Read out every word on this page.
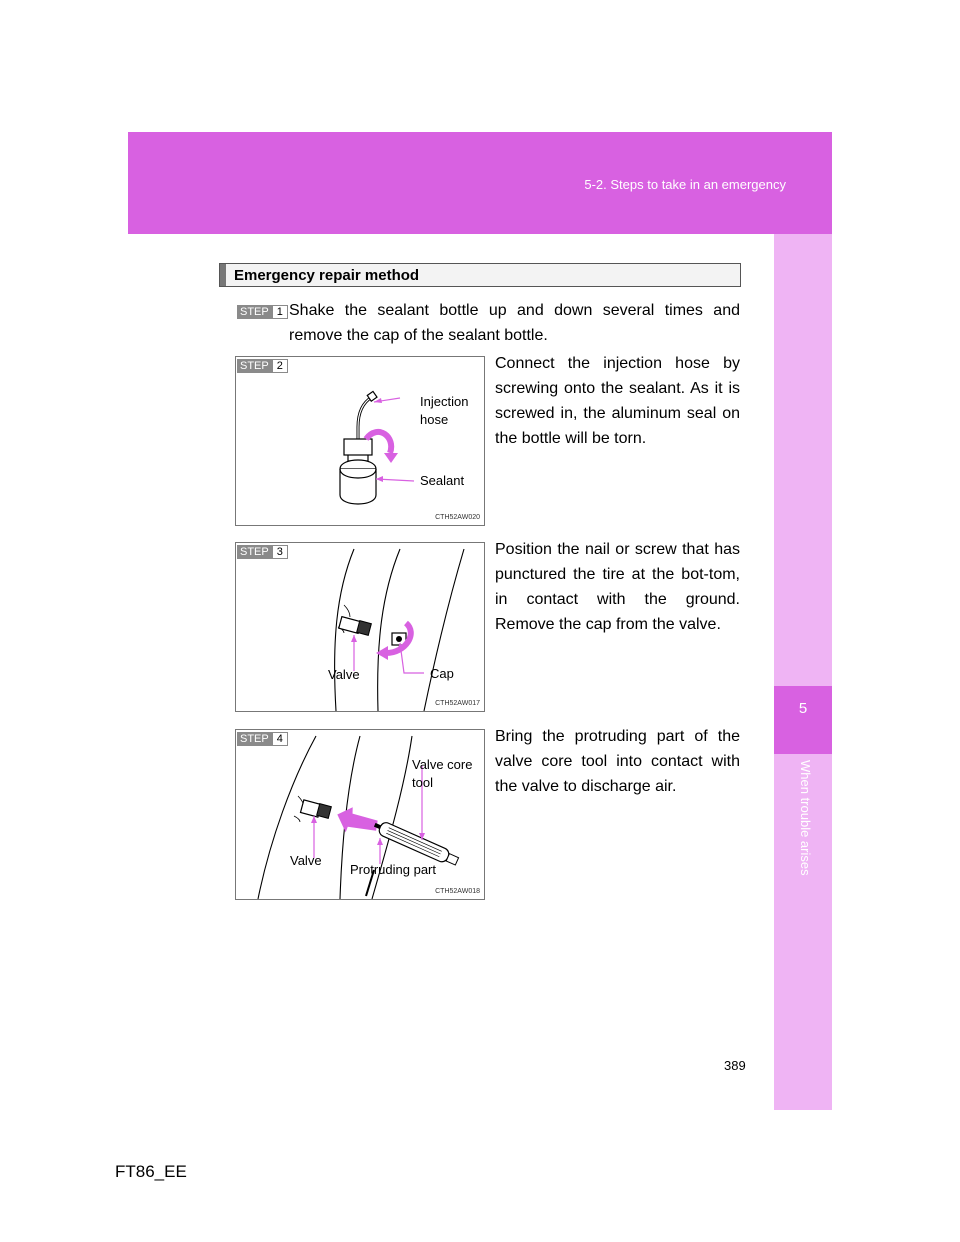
5-2. Steps to take in an emergency
5
When trouble arises
Emergency repair method
STEP 1 Shake the sealant bottle up and down several times and remove the cap of the sealant bottle.
STEP 2
Injection hose
Sealant
CTH52AW020
Connect the injection hose by screwing onto the sealant. As it is screwed in, the aluminum seal on the bottle will be torn.
STEP 3
Valve	Cap
CTH52AW017
Position the nail or screw that has punctured the tire at the bot-tom, in contact with the ground. Remove the cap from the valve.
STEP 4
Valve core tool
Valve
Protruding part
CTH52AW018
Bring the protruding part of the valve core tool into contact with the valve to discharge air.
389
FT86_EE
